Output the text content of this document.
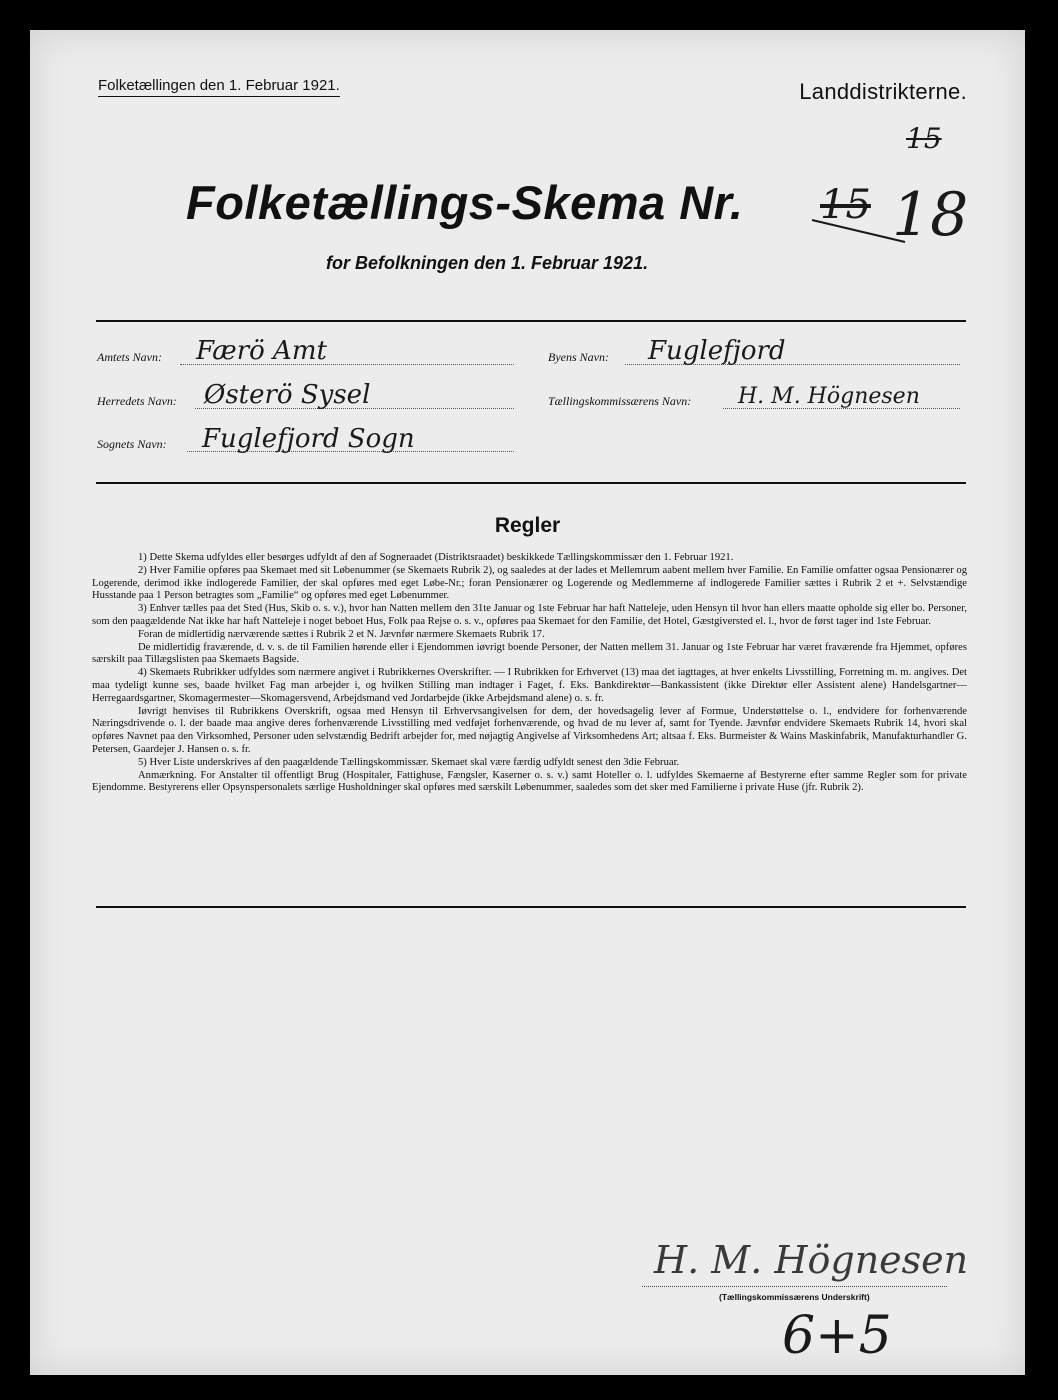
Folketællingen den 1. Februar 1921.	Landdistrikterne.
Folketællings-Skema Nr. 15
15
18
for Befolkningen den 1. Februar 1921.
Amtets Navn: Færö Amt	Byens Navn: Fuglefjord
Herredets Navn: Østerö Sysel	Tællingskommissærens Navn: H. M. Högnesen
Sognets Navn: Fuglefjord Sogn
Regler

1) Dette Skema udfyldes eller besørges udfyldt af den af Sogneraadet (Distriktsraadet) beskikkede Tællingskommissær den 1. Februar 1921.

2) Hver Familie opføres paa Skemaet med sit Løbenummer (se Skemaets Rubrik 2), og saaledes at der lades et Mellemrum aabent mellem hver Familie. En Familie omfatter ogsaa Pensionærer og Logerende, derimod ikke indlogerede Familier, der skal opføres med eget Løbe-Nr.; foran Pensionærer og Logerende og Medlemmerne af indlogerede Familier sættes i Rubrik 2 et +. Selvstændige Husstande paa 1 Person betragtes som „Familie“ og opføres med eget Løbenummer.

3) Enhver tælles paa det Sted (Hus, Skib o. s. v.), hvor han Natten mellem den 31te Januar og 1ste Februar har haft Natteleje, uden Hensyn til hvor han ellers maatte opholde sig eller bo. Personer, som den paagældende Nat ikke har haft Natteleje i noget beboet Hus, Folk paa Rejse o. s. v., opføres paa Skemaet for den Familie, det Hotel, Gæstgiversted el. l., hvor de først tager ind 1ste Februar.

Foran de midlertidig nærværende sættes i Rubrik 2 et N. Jævnfør nærmere Skemaets Rubrik 17.

De midlertidig fraværende, d. v. s. de til Familien hørende eller i Ejendommen iøvrigt boende Personer, der Natten mellem 31. Januar og 1ste Februar har været fraværende fra Hjemmet, opføres særskilt paa Tillægslisten paa Skemaets Bagside.

4) Skemaets Rubrikker udfyldes som nærmere angivet i Rubrikkernes Overskrifter. — I Rubrikken for Erhvervet (13) maa det iagttages, at hver enkelts Livsstilling, Forretning m. m. angives. Det maa tydeligt kunne ses, baade hvilket Fag man arbejder i, og hvilken Stilling man indtager i Faget, f. Eks. Bankdirektør—Bankassistent (ikke Direktør eller Assistent alene) Handelsgartner—Herregaardsgartner, Skomagermester—Skomagersvend, Arbejdsmand ved Jordarbejde (ikke Arbejdsmand alene) o. s. fr.

Iøvrigt henvises til Rubrikkens Overskrift, ogsaa med Hensyn til Erhvervsangivelsen for dem, der hovedsagelig lever af Formue, Understøttelse o. l., endvidere for forhenværende Næringsdrivende o. l. der baade maa angive deres forhenværende Livsstilling med vedføjet forhenværende, og hvad de nu lever af, samt for Tyende. Jævnfør endvidere Skemaets Rubrik 14, hvori skal opføres Navnet paa den Virksomhed, Personer uden selvstændig Bedrift arbejder for, med nøjagtig Angivelse af Virksomhedens Art; altsaa f. Eks. Burmeister & Wains Maskinfabrik, Manufakturhandler G. Petersen, Gaardejer J. Hansen o. s. fr.

5) Hver Liste underskrives af den paagældende Tællingskommissær. Skemaet skal være færdig udfyldt senest den 3die Februar.

Anmærkning. For Anstalter til offentligt Brug (Hospitaler, Fattighuse, Fængsler, Kaserner o. s. v.) samt Hoteller o. l. udfyldes Skemaerne af Bestyrerne efter samme Regler som for private Ejendomme. Bestyrerens eller Opsynspersonalets særlige Husholdninger skal opføres med særskilt Løbenummer, saaledes som det sker med Familierne i private Huse (jfr. Rubrik 2).

H. M. Högnesen
(Tællingskommissærens Underskrift)
6+5
